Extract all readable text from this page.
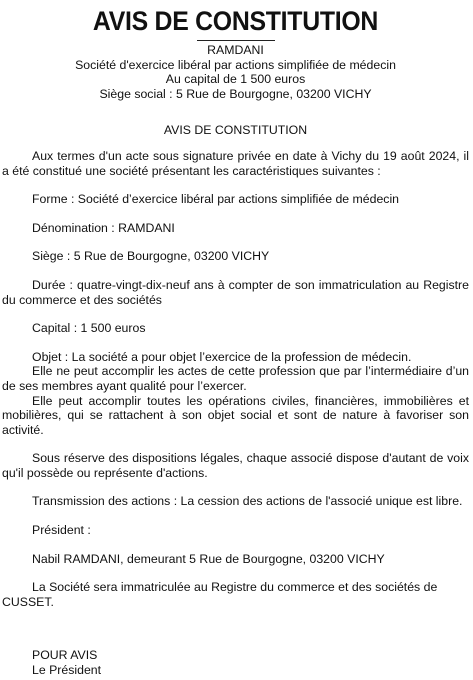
AVIS DE CONSTITUTION
RAMDANI
Société d'exercice libéral par actions simplifiée de médecin
Au capital de 1 500 euros
Siège social : 5 Rue de Bourgogne, 03200 VICHY
AVIS DE CONSTITUTION

Aux termes d'un acte sous signature privée en date à Vichy du 19 août 2024, il a été constitué une société présentant les caractéristiques suivantes :

Forme : Société d’exercice libéral par actions simplifiée de médecin

Dénomination : RAMDANI

Siège : 5 Rue de Bourgogne, 03200 VICHY

Durée : quatre-vingt-dix-neuf ans à compter de son immatriculation au Registre du commerce et des sociétés

Capital : 1 500 euros

Objet : La société a pour objet l’exercice de la profession de médecin.

Elle ne peut accomplir les actes de cette profession que par l’intermédiaire d’un de ses membres ayant qualité pour l’exercer.

Elle peut accomplir toutes les opérations civiles, financières, immobilières et mobilières, qui se rattachent à son objet social et sont de nature à favoriser son activité.

Sous réserve des dispositions légales, chaque associé dispose d'autant de voix qu'il possède ou représente d'actions.

Transmission des actions : La cession des actions de l'associé unique est libre.

Président :

Nabil RAMDANI, demeurant 5 Rue de Bourgogne, 03200 VICHY

La Société sera immatriculée au Registre du commerce et des sociétés de CUSSET.

POUR AVIS
Le Président
